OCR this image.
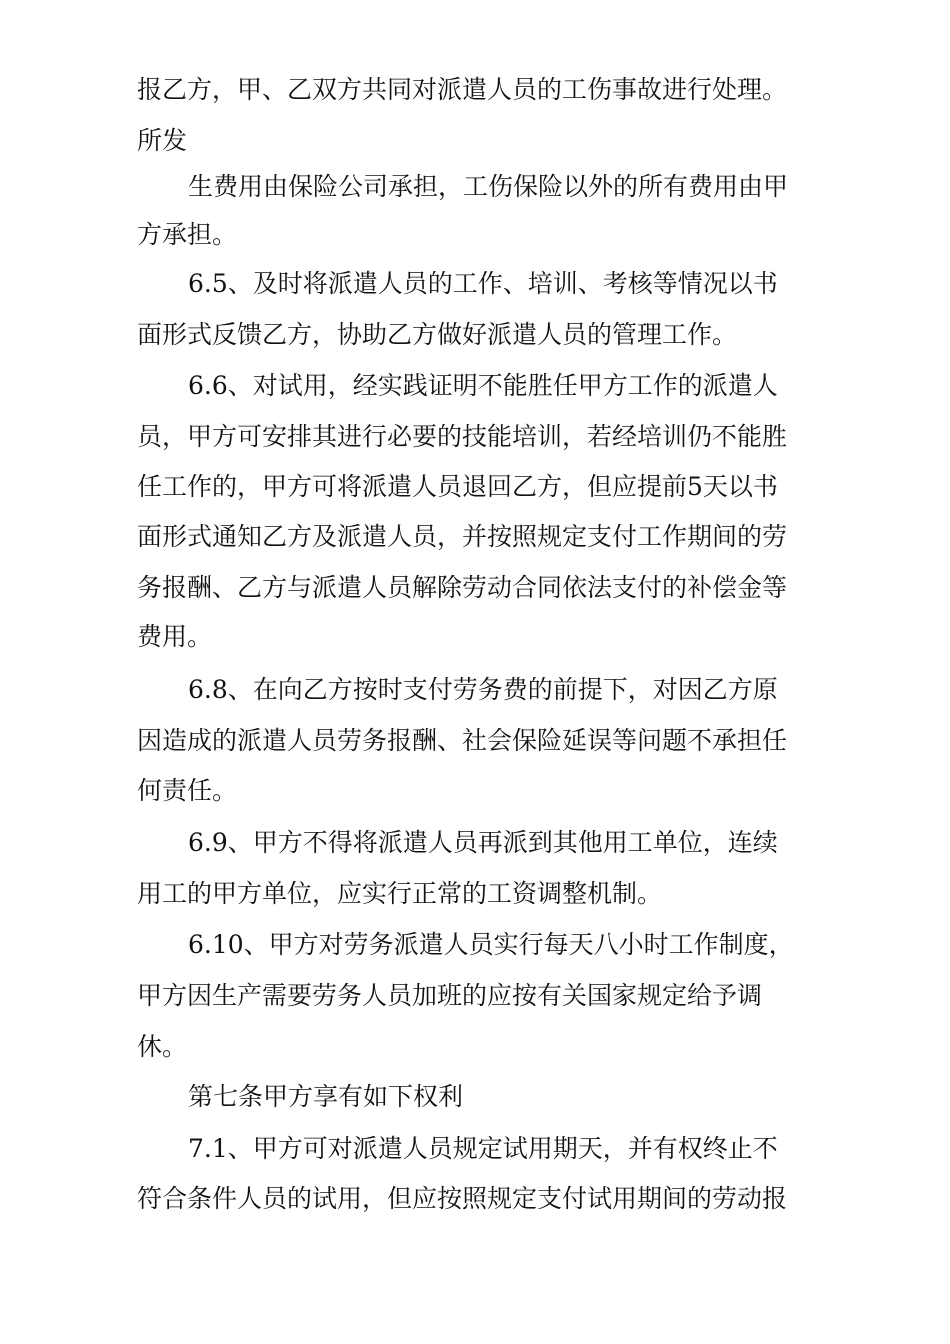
报乙方，甲、乙双方共同对派遣人员的工伤事故进行处理。
所发
生费用由保险公司承担，工伤保险以外的所有费用由甲
方承担。
6.5、及时将派遣人员的工作、培训、考核等情况以书
面形式反馈乙方，协助乙方做好派遣人员的管理工作。
6.6、对试用，经实践证明不能胜任甲方工作的派遣人
员，甲方可安排其进行必要的技能培训，若经培训仍不能胜
任工作的，甲方可将派遣人员退回乙方，但应提前5天以书
面形式通知乙方及派遣人员，并按照规定支付工作期间的劳
务报酬、乙方与派遣人员解除劳动合同依法支付的补偿金等
费用。
6.8、在向乙方按时支付劳务费的前提下，对因乙方原
因造成的派遣人员劳务报酬、社会保险延误等问题不承担任
何责任。
6.9、甲方不得将派遣人员再派到其他用工单位，连续
用工的甲方单位，应实行正常的工资调整机制。
6.10、甲方对劳务派遣人员实行每天八小时工作制度，
甲方因生产需要劳务人员加班的应按有关国家规定给予调
休。
第七条甲方享有如下权利
7.1、甲方可对派遣人员规定试用期天，并有权终止不
符合条件人员的试用，但应按照规定支付试用期间的劳动报
